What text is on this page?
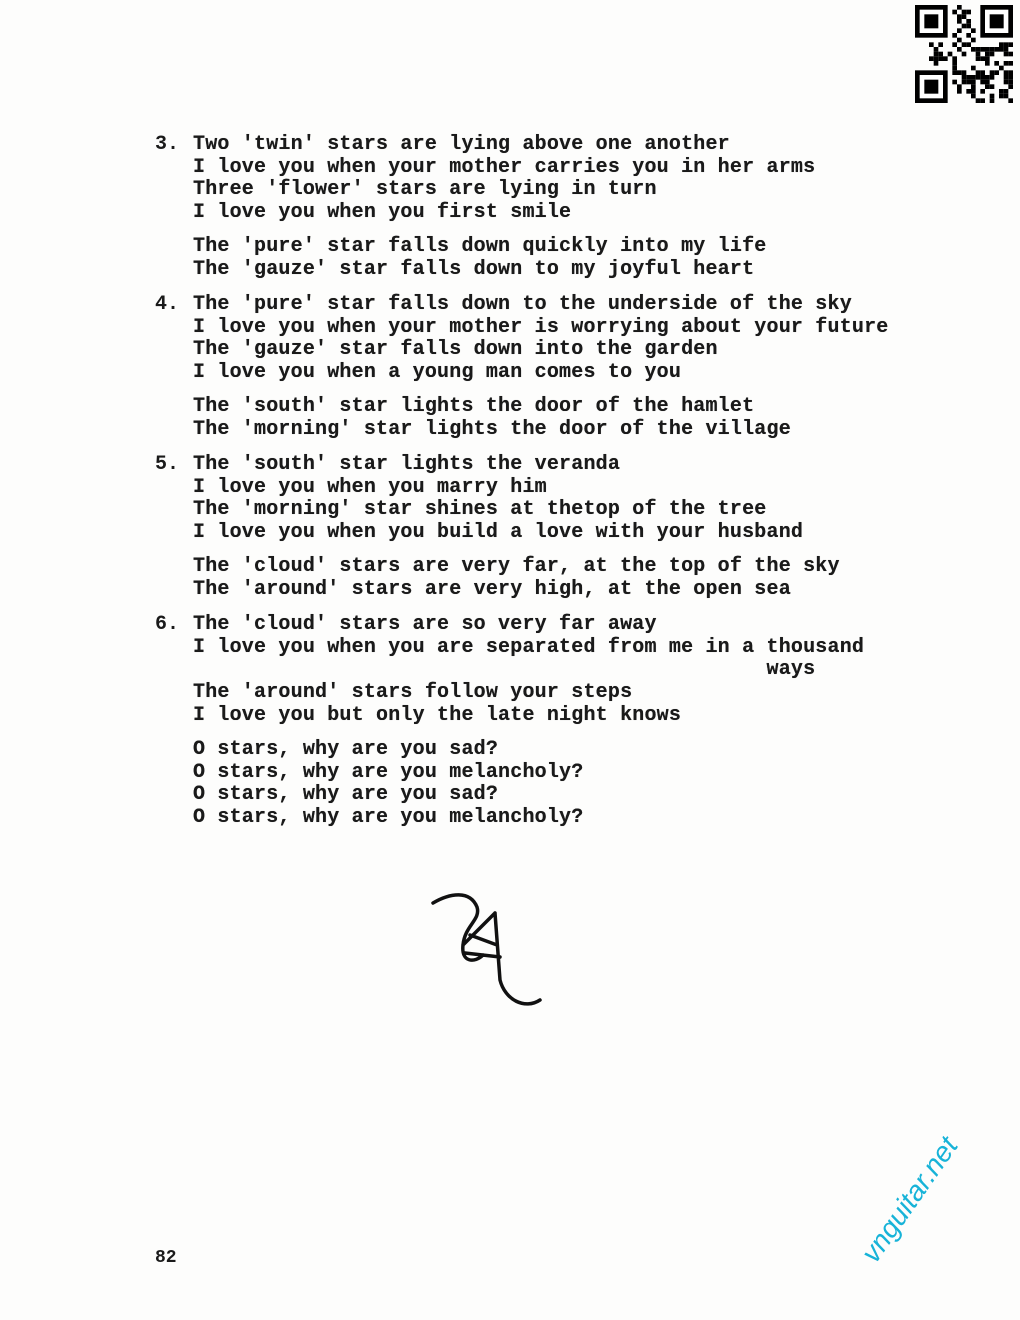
3. Two 'twin' stars are lying above one another
I love you when your mother carries you in her arms
Three 'flower' stars are lying in turn
I love you when you first smile
The 'pure' star falls down quickly into my life
The 'gauze' star falls down to my joyful heart
4. The 'pure' star falls down to the underside of the sky
I love you when your mother is worrying about your future
The 'gauze' star falls down into the garden
I love you when a young man comes to you
The 'south' star lights the door of the hamlet
The 'morning' star lights the door of the village
5. The 'south' star lights the veranda
I love you when you marry him
The 'morning' star shines at thetop of the tree
I love you when you build a love with your husband
The 'cloud' stars are very far, at the top of the sky
The 'around' stars are very high, at the open sea
6. The 'cloud' stars are so very far away
I love you when you are separated from me in a thousand
ways
The 'around' stars follow your steps
I love you but only the late night knows
O stars, why are you sad?
O stars, why are you melancholy?
O stars, why are you sad?
O stars, why are you melancholy?
82	vnguitar.net
